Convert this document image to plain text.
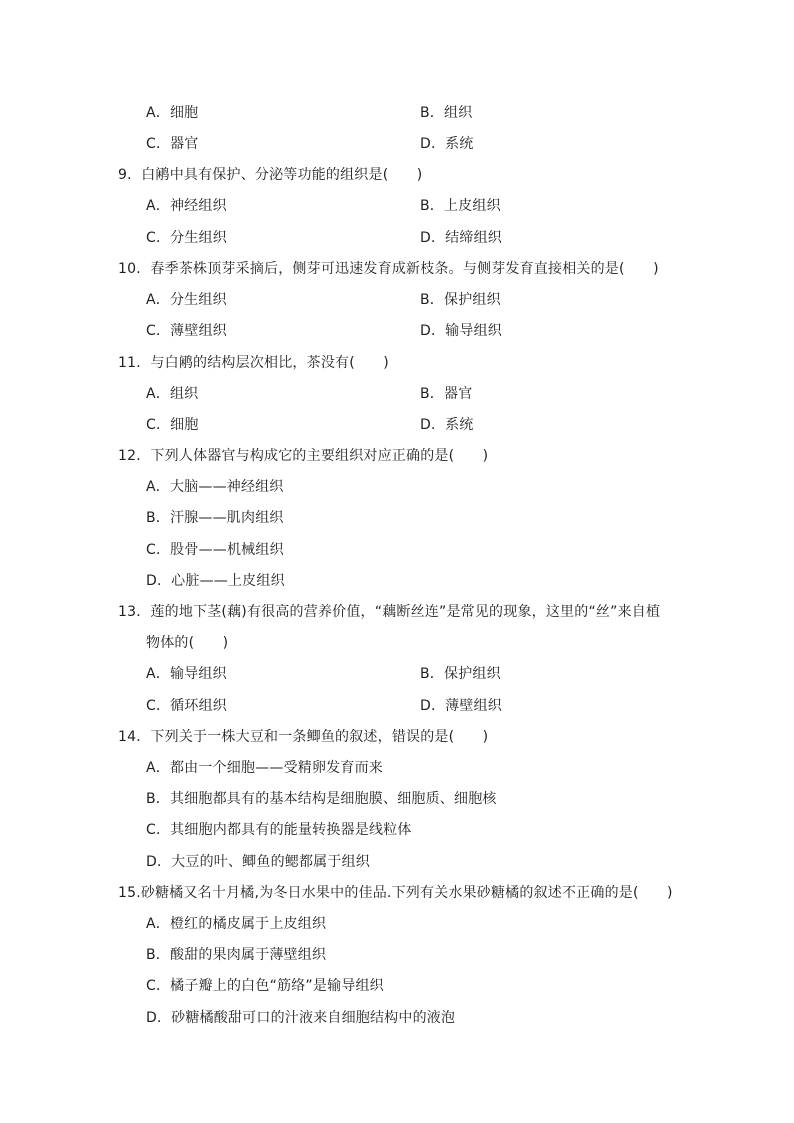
A．细胞	B．组织
C．器官	D．系统
9．白鹇中具有保护、分泌等功能的组织是(　　)
A．神经组织	B．上皮组织
C．分生组织	D．结缔组织
10．春季茶株顶芽采摘后，侧芽可迅速发育成新枝条。与侧芽发育直接相关的是(　　)
A．分生组织	B．保护组织
C．薄壁组织	D．输导组织
11．与白鹇的结构层次相比，茶没有(　　)
A．组织	B．器官
C．细胞	D．系统
12．下列人体器官与构成它的主要组织对应正确的是(　　)
A．大脑——神经组织
B．汗腺——肌肉组织
C．股骨——机械组织
D．心脏——上皮组织
13．莲的地下茎(藕)有很高的营养价值，“藕断丝连”是常见的现象，这里的“丝”来自植
物体的(　　)
A．输导组织	B．保护组织
C．循环组织	D．薄壁组织
14．下列关于一株大豆和一条鲫鱼的叙述，错误的是(　　)
A．都由一个细胞——受精卵发育而来
B．其细胞都具有的基本结构是细胞膜、细胞质、细胞核
C．其细胞内都具有的能量转换器是线粒体
D．大豆的叶、鲫鱼的鳃都属于组织
15.砂糖橘又名十月橘,为冬日水果中的佳品.下列有关水果砂糖橘的叙述不正确的是(　　)
A．橙红的橘皮属于上皮组织
B．酸甜的果肉属于薄壁组织
C．橘子瓣上的白色“筋络”是输导组织
D．砂糖橘酸甜可口的汁液来自细胞结构中的液泡
